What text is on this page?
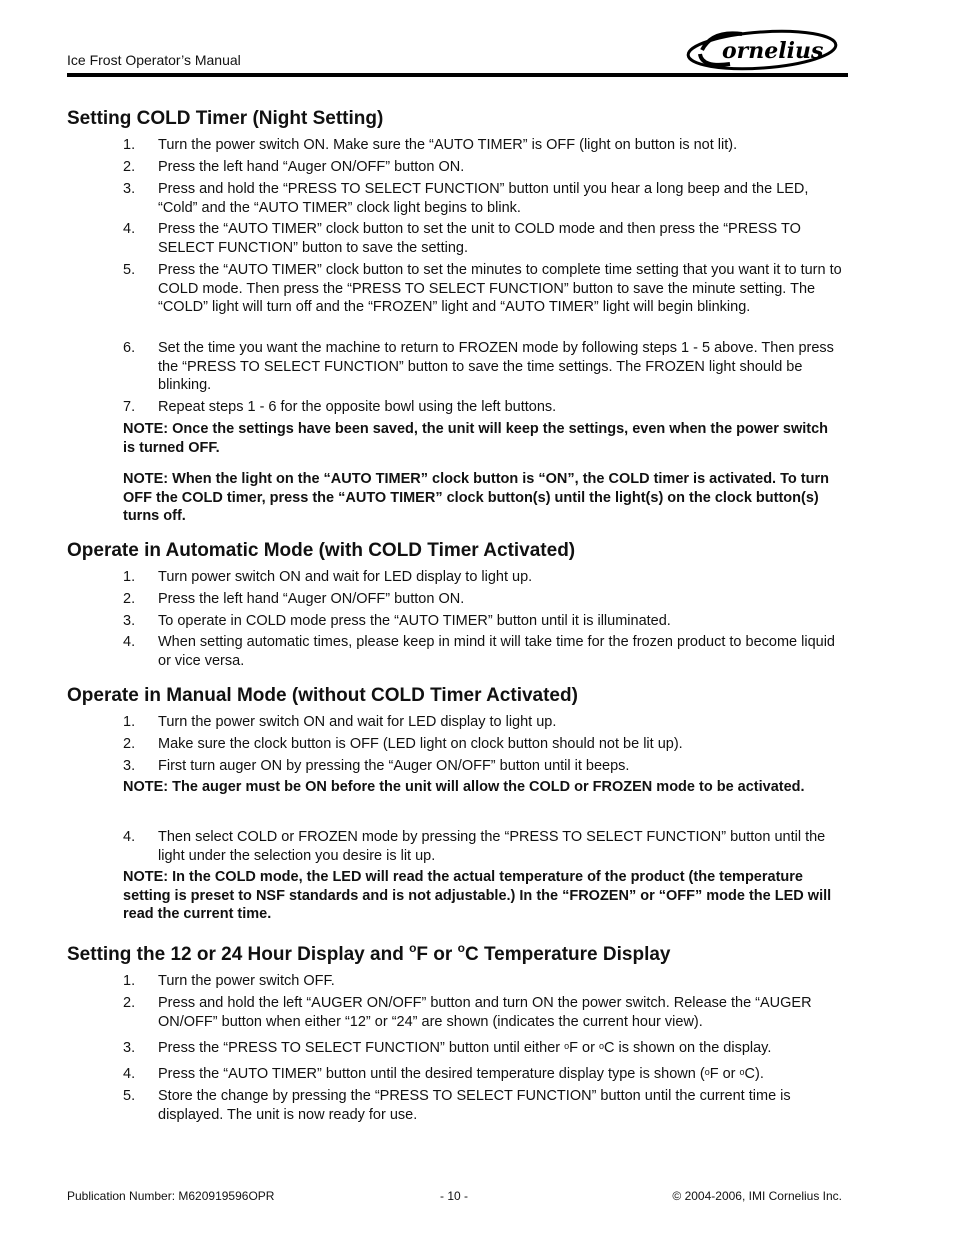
Ice Frost Operator’s Manual	ornelius
Setting COLD Timer (Night Setting)
1. Turn the power switch ON. Make sure the “AUTO TIMER” is OFF (light on button is not lit).
2. Press the left hand “Auger ON/OFF” button ON.
3. Press and hold the “PRESS TO SELECT FUNCTION” button until you hear a long beep and the LED, “Cold” and the “AUTO TIMER” clock light begins to blink.
4. Press the “AUTO TIMER” clock button to set the unit to COLD mode and then press the “PRESS TO SELECT FUNCTION” button to save the setting.
5. Press the “AUTO TIMER” clock button to set the minutes to complete time setting that you want it to turn to COLD mode. Then press the “PRESS TO SELECT FUNCTION” button to save the minute setting. The “COLD” light will turn off and the “FROZEN” light and “AUTO TIMER” light will begin blinking.
6. Set the time you want the machine to return to FROZEN mode by following steps 1 - 5 above. Then press the “PRESS TO SELECT FUNCTION” button to save the time settings. The FROZEN light should be blinking.
7. Repeat steps 1 - 6 for the opposite bowl using the left buttons.
NOTE: Once the settings have been saved, the unit will keep the settings, even when the power switch is turned OFF.
NOTE: When the light on the “AUTO TIMER” clock button is “ON”, the COLD timer is activated. To turn OFF the COLD timer, press the “AUTO TIMER” clock button(s) until the light(s) on the clock button(s) turns off.
Operate in Automatic Mode (with COLD Timer Activated)
1. Turn power switch ON and wait for LED display to light up.
2. Press the left hand “Auger ON/OFF” button ON.
3. To operate in COLD mode press the “AUTO TIMER” button until it is illuminated.
4. When setting automatic times, please keep in mind it will take time for the frozen product to become liquid or vice versa.
Operate in Manual Mode (without COLD Timer Activated)
1. Turn the power switch ON and wait for LED display to light up.
2. Make sure the clock button is OFF (LED light on clock button should not be lit up).
3. First turn auger ON by pressing the “Auger ON/OFF” button until it beeps.
NOTE: The auger must be ON before the unit will allow the COLD or FROZEN mode to be activated.
4. Then select COLD or FROZEN mode by pressing the “PRESS TO SELECT FUNCTION” button until the light under the selection you desire is lit up.
NOTE: In the COLD mode, the LED will read the actual temperature of the product (the temperature setting is preset to NSF standards and is not adjustable.) In the “FROZEN” or “OFF” mode the LED will read the current time.
Setting the 12 or 24 Hour Display and $^o$F or $^o$C Temperature Display
1. Turn the power switch OFF.
2. Press and hold the left “AUGER ON/OFF” button and turn ON the power switch. Release the “AUGER ON/OFF” button when either “12” or “24” are shown (indicates the current hour view).
3. Press the “PRESS TO SELECT FUNCTION” button until either $^o$F or $^o$C is shown on the display.
4. Press the “AUTO TIMER” button until the desired temperature display type is shown ($^o$F or $^o$C).
5. Store the change by pressing the “PRESS TO SELECT FUNCTION” button until the current time is displayed. The unit is now ready for use.
Publication Number: M620919596OPR	- 10 -	© 2004-2006, IMI Cornelius Inc.
